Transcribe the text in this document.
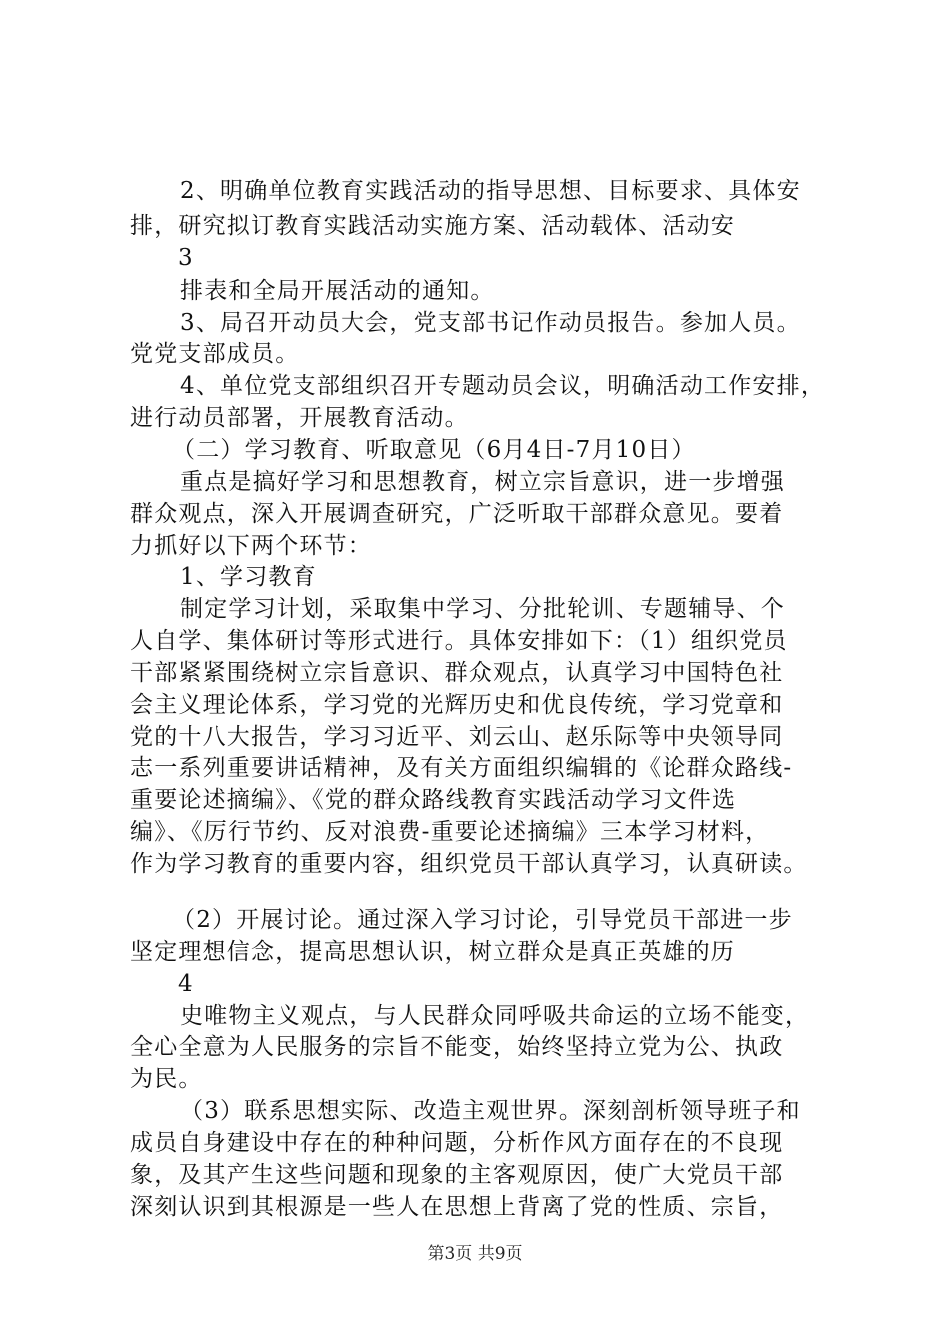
2、明确单位教育实践活动的指导思想、目标要求、具体安
排，研究拟订教育实践活动实施方案、活动载体、活动安
3
排表和全局开展活动的通知。
3、局召开动员大会，党支部书记作动员报告。参加人员。
党党支部成员。
4、单位党支部组织召开专题动员会议，明确活动工作安排，
进行动员部署，开展教育活动。
（二）学习教育、听取意见（6月4日-7月10日）
重点是搞好学习和思想教育，树立宗旨意识，进一步增强
群众观点，深入开展调查研究，广泛听取干部群众意见。要着
力抓好以下两个环节：
1、学习教育
制定学习计划，采取集中学习、分批轮训、专题辅导、个
人自学、集体研讨等形式进行。具体安排如下：（1）组织党员
干部紧紧围绕树立宗旨意识、群众观点，认真学习中国特色社
会主义理论体系，学习党的光辉历史和优良传统，学习党章和
党的十八大报告，学习习近平、刘云山、赵乐际等中央领导同
志一系列重要讲话精神，及有关方面组织编辑的《论群众路线-
重要论述摘编》、《党的群众路线教育实践活动学习文件选
编》、《厉行节约、反对浪费-重要论述摘编》三本学习材料，
作为学习教育的重要内容，组织党员干部认真学习，认真研读。
（2）开展讨论。通过深入学习讨论，引导党员干部进一步
坚定理想信念，提高思想认识，树立群众是真正英雄的历
4
史唯物主义观点，与人民群众同呼吸共命运的立场不能变，
全心全意为人民服务的宗旨不能变，始终坚持立党为公、执政
为民。
（3）联系思想实际、改造主观世界。深刻剖析领导班子和
成员自身建设中存在的种种问题，分析作风方面存在的不良现
象，及其产生这些问题和现象的主客观原因，使广大党员干部
深刻认识到其根源是一些人在思想上背离了党的性质、宗旨，
第3页 共9页
